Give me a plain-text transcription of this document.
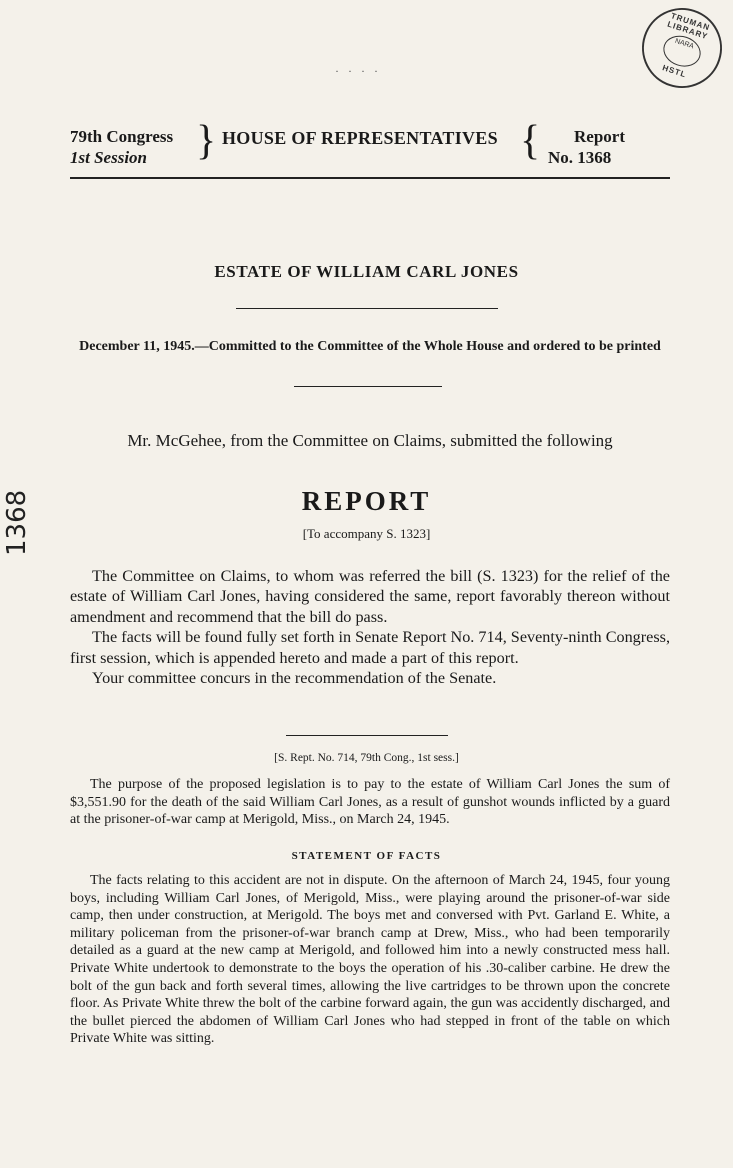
· · · ·
TRUMAN LIBRARY
NARA
HSTL
1368
79th Congress
1st Session	} HOUSE OF REPRESENTATIVES {	Report
No. 1368
ESTATE OF WILLIAM CARL JONES
December 11, 1945.—Committed to the Committee of the Whole House and ordered to be printed
Mr. McGehee, from the Committee on Claims, submitted the following
REPORT
[To accompany S. 1323]

The Committee on Claims, to whom was referred the bill (S. 1323) for the relief of the estate of William Carl Jones, having considered the same, report favorably thereon without amendment and recommend that the bill do pass.

The facts will be found fully set forth in Senate Report No. 714, Seventy-ninth Congress, first session, which is appended hereto and made a part of this report.

Your committee concurs in the recommendation of the Senate.

[S. Rept. No. 714, 79th Cong., 1st sess.]

The purpose of the proposed legislation is to pay to the estate of William Carl Jones the sum of $3,551.90 for the death of the said William Carl Jones, as a result of gunshot wounds inflicted by a guard at the prisoner-of-war camp at Merigold, Miss., on March 24, 1945.

STATEMENT OF FACTS

The facts relating to this accident are not in dispute. On the afternoon of March 24, 1945, four young boys, including William Carl Jones, of Merigold, Miss., were playing around the prisoner-of-war side camp, then under construction, at Merigold. The boys met and conversed with Pvt. Garland E. White, a military policeman from the prisoner-of-war branch camp at Drew, Miss., who had been temporarily detailed as a guard at the new camp at Merigold, and followed him into a newly constructed mess hall. Private White undertook to demonstrate to the boys the operation of his .30-caliber carbine. He drew the bolt of the gun back and forth several times, allowing the live cartridges to be thrown upon the concrete floor. As Private White threw the bolt of the carbine forward again, the gun was accidently discharged, and the bullet pierced the abdomen of William Carl Jones who had stepped in front of the table on which Private White was sitting.
